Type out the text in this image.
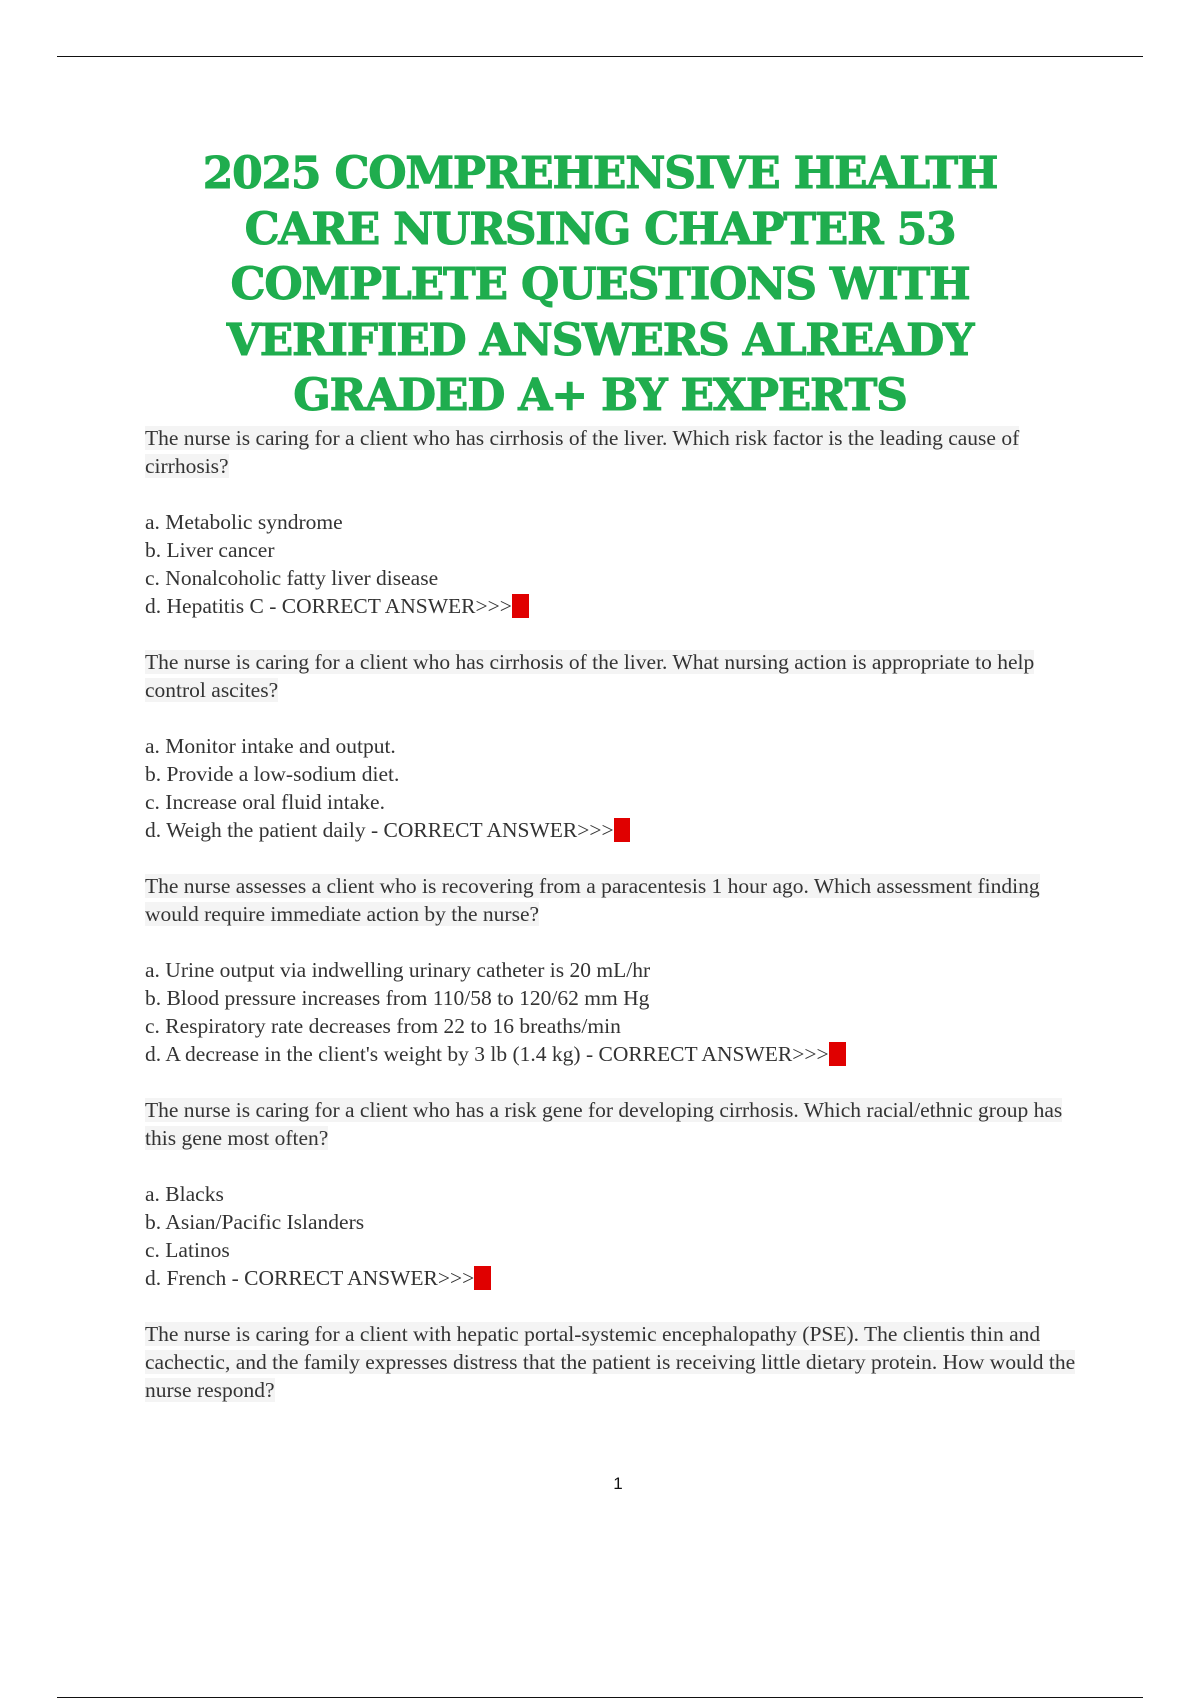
2025 COMPREHENSIVE HEALTH CARE NURSING CHAPTER 53 COMPLETE QUESTIONS WITH VERIFIED ANSWERS ALREADY GRADED A+ BY EXPERTS
The nurse is caring for a client who has cirrhosis of the liver. Which risk factor is the leading cause of cirrhosis?
a. Metabolic syndrome
b. Liver cancer
c. Nonalcoholic fatty liver disease
d. Hepatitis C - CORRECT ANSWER>>>A
The nurse is caring for a client who has cirrhosis of the liver. What nursing action is appropriate to help control ascites?
a. Monitor intake and output.
b. Provide a low-sodium diet.
c. Increase oral fluid intake.
d. Weigh the patient daily - CORRECT ANSWER>>>B
The nurse assesses a client who is recovering from a paracentesis 1 hour ago. Which assessment finding would require immediate action by the nurse?
a. Urine output via indwelling urinary catheter is 20 mL/hr
b. Blood pressure increases from 110/58 to 120/62 mm Hg
c. Respiratory rate decreases from 22 to 16 breaths/min
d. A decrease in the client's weight by 3 lb (1.4 kg) - CORRECT ANSWER>>>A
The nurse is caring for a client who has a risk gene for developing cirrhosis. Which racial/ethnic group has this gene most often?
a. Blacks
b. Asian/Pacific Islanders
c. Latinos
d. French - CORRECT ANSWER>>>C
The nurse is caring for a client with hepatic portal-systemic encephalopathy (PSE). The clientis thin and cachectic, and the family expresses distress that the patient is receiving little dietary protein. How would the nurse respond?
1
